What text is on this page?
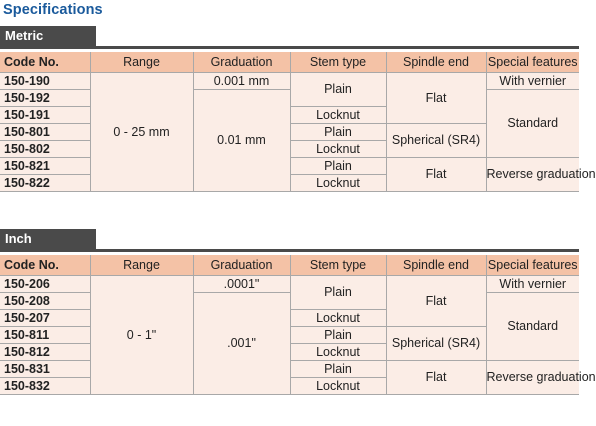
Specifications
Metric
Code No.	Range	Graduation	Stem type	Spindle end	Special features
150-190	0 - 25 mm	0.001 mm	Plain	Flat	With vernier
150-192		0.01 mm			Standard
150-191			Locknut		
150-801			Plain	Spherical (SR4)	
150-802			Locknut		
150-821			Plain	Flat	Reverse graduation
150-822			Locknut		
Inch
Code No.	Range	Graduation	Stem type	Spindle end	Special features
150-206	0 - 1"	.0001"	Plain	Flat	With vernier
150-208		.001"			Standard
150-207			Locknut		
150-811			Plain	Spherical (SR4)	
150-812			Locknut		
150-831			Plain	Flat	Reverse graduation
150-832			Locknut		
